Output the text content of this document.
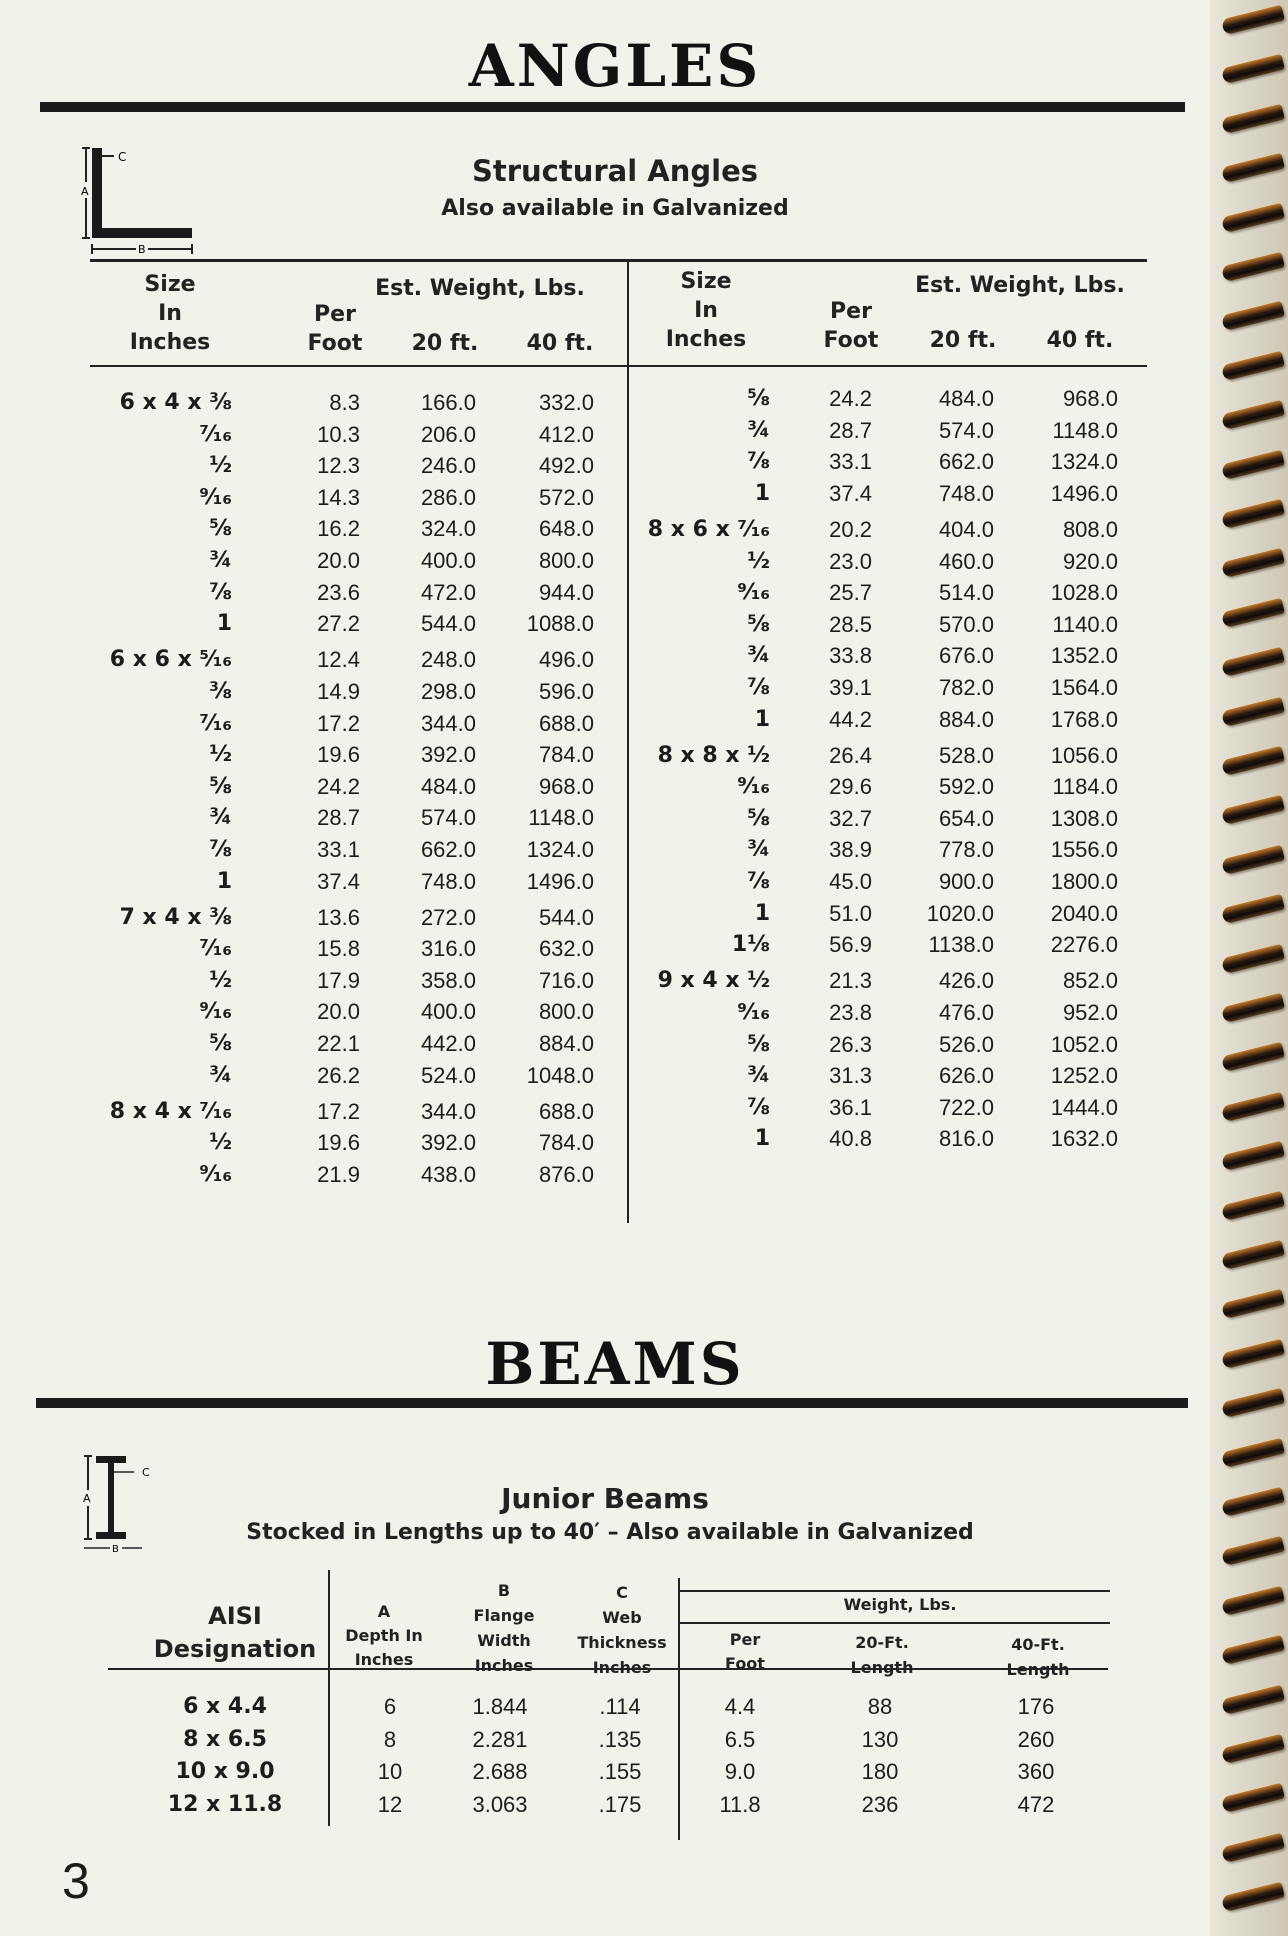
ANGLES
C
A
B
Structural Angles
Also available in Galvanized
Size
In
Inches
Est. Weight, Lbs.
Per
Foot	20 ft.	40 ft.
Size
In
Inches
Est. Weight, Lbs.
Per
Foot	20 ft.	40 ft.
6 x 4 x ⅜	8.3	166.0	332.0
⁷⁄₁₆	10.3	206.0	412.0
½	12.3	246.0	492.0
⁹⁄₁₆	14.3	286.0	572.0
⅝	16.2	324.0	648.0
¾	20.0	400.0	800.0
⅞	23.6	472.0	944.0
1	27.2	544.0	1088.0
6 x 6 x ⁵⁄₁₆	12.4	248.0	496.0
⅜	14.9	298.0	596.0
⁷⁄₁₆	17.2	344.0	688.0
½	19.6	392.0	784.0
⅝	24.2	484.0	968.0
¾	28.7	574.0	1148.0
⅞	33.1	662.0	1324.0
1	37.4	748.0	1496.0
7 x 4 x ⅜	13.6	272.0	544.0
⁷⁄₁₆	15.8	316.0	632.0
½	17.9	358.0	716.0
⁹⁄₁₆	20.0	400.0	800.0
⅝	22.1	442.0	884.0
¾	26.2	524.0	1048.0
8 x 4 x ⁷⁄₁₆	17.2	344.0	688.0
½	19.6	392.0	784.0
⁹⁄₁₆	21.9	438.0	876.0
⅝	24.2	484.0	968.0
¾	28.7	574.0	1148.0
⅞	33.1	662.0	1324.0
1	37.4	748.0	1496.0
8 x 6 x ⁷⁄₁₆	20.2	404.0	808.0
½	23.0	460.0	920.0
⁹⁄₁₆	25.7	514.0	1028.0
⅝	28.5	570.0	1140.0
¾	33.8	676.0	1352.0
⅞	39.1	782.0	1564.0
1	44.2	884.0	1768.0
8 x 8 x ½	26.4	528.0	1056.0
⁹⁄₁₆	29.6	592.0	1184.0
⅝	32.7	654.0	1308.0
¾	38.9	778.0	1556.0
⅞	45.0	900.0	1800.0
1	51.0	1020.0	2040.0
1⅛	56.9	1138.0	2276.0
9 x 4 x ½	21.3	426.0	852.0
⁹⁄₁₆	23.8	476.0	952.0
⅝	26.3	526.0	1052.0
¾	31.3	626.0	1252.0
⅞	36.1	722.0	1444.0
1	40.8	816.0	1632.0
BEAMS
C
A
B
Junior Beams
Stocked in Lengths up to 40′ – Also available in Galvanized
AISI
Designation
A
Depth In
Inches
B
Flange
Width
Inches
C
Web
Thickness
Inches
Weight, Lbs.
Per
Foot
20-Ft.
Length
40-Ft.
Length
6 x 4.4	6	1.844	.114	4.4	88	176
8 x 6.5	8	2.281	.135	6.5	130	260
10 x 9.0	10	2.688	.155	9.0	180	360
12 x 11.8	12	3.063	.175	11.8	236	472
3
